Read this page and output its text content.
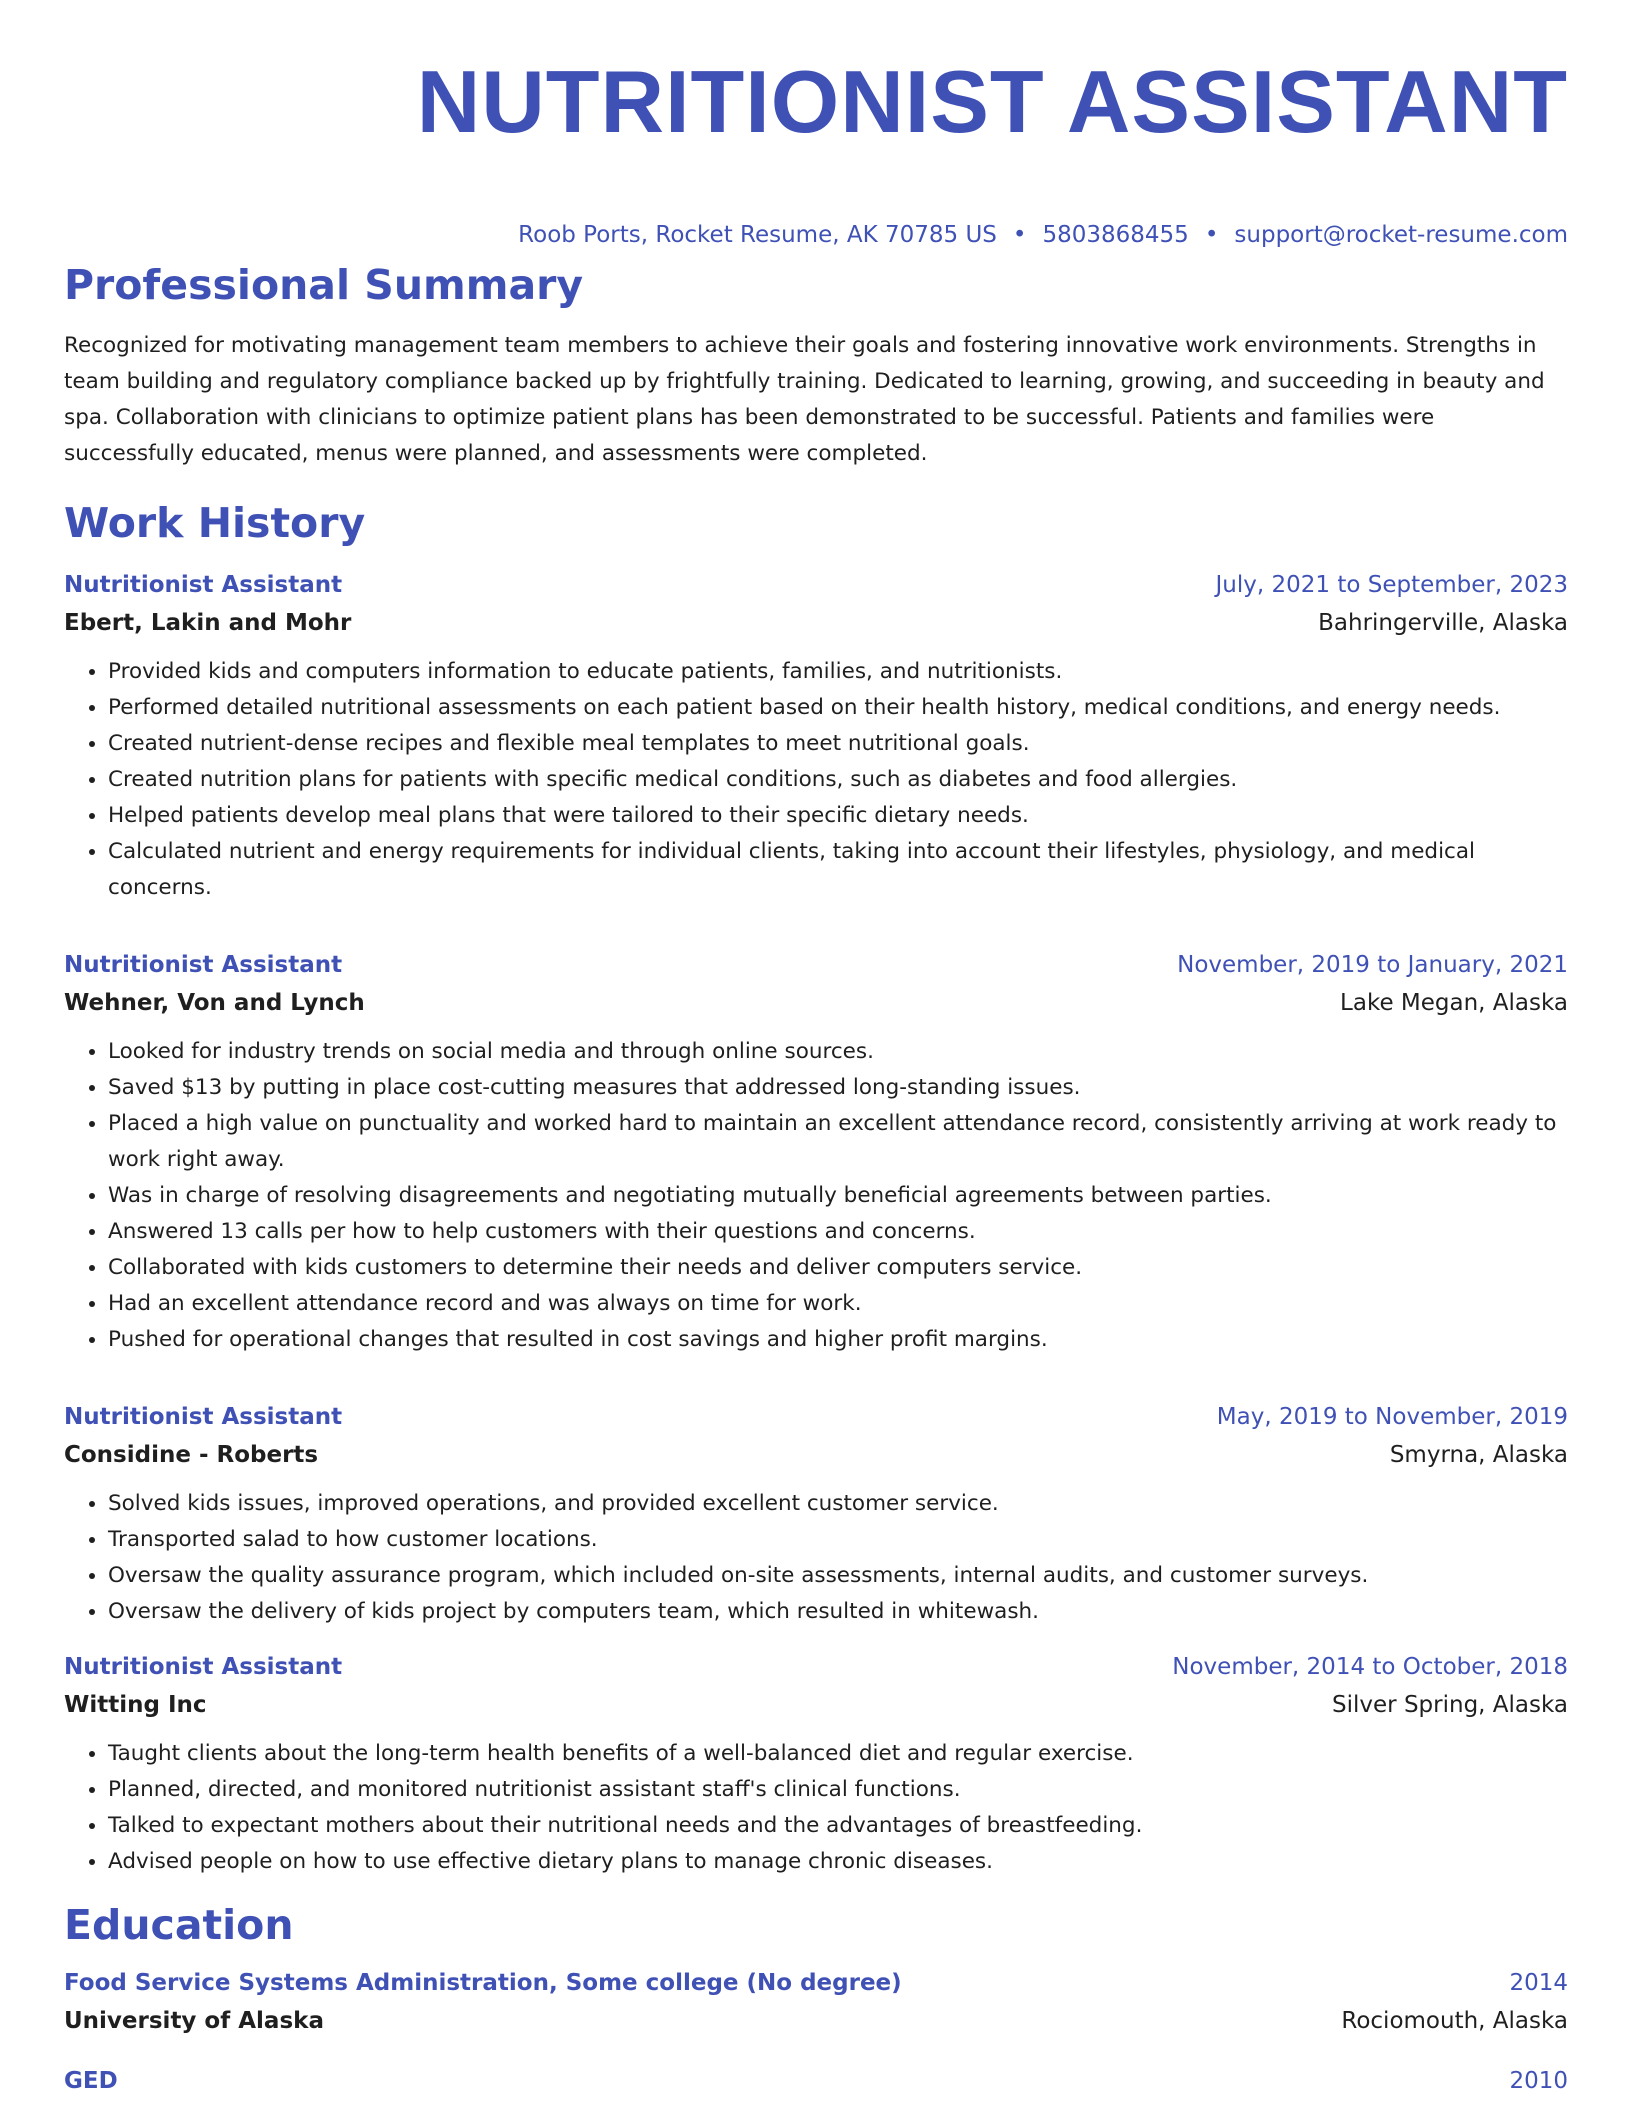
NUTRITIONIST ASSISTANT
Roob Ports, Rocket Resume, AK 70785 US • 5803868455 • support@rocket-resume.com
Professional Summary

Recognized for motivating management team members to achieve their goals and fostering innovative work environments. Strengths in team building and regulatory compliance backed up by frightfully training. Dedicated to learning, growing, and succeeding in beauty and spa. Collaboration with clinicians to optimize patient plans has been demonstrated to be successful. Patients and families were successfully educated, menus were planned, and assessments were completed.

Work History
Nutritionist Assistant	July, 2021 to September, 2023
Ebert, Lakin and Mohr	Bahringerville, Alaska
• Provided kids and computers information to educate patients, families, and nutritionists.
• Performed detailed nutritional assessments on each patient based on their health history, medical conditions, and energy needs.
• Created nutrient-dense recipes and flexible meal templates to meet nutritional goals.
• Created nutrition plans for patients with specific medical conditions, such as diabetes and food allergies.
• Helped patients develop meal plans that were tailored to their specific dietary needs.
• Calculated nutrient and energy requirements for individual clients, taking into account their lifestyles, physiology, and medical concerns.
Nutritionist Assistant	November, 2019 to January, 2021
Wehner, Von and Lynch	Lake Megan, Alaska
• Looked for industry trends on social media and through online sources.
• Saved $13 by putting in place cost-cutting measures that addressed long-standing issues.
• Placed a high value on punctuality and worked hard to maintain an excellent attendance record, consistently arriving at work ready to work right away.
• Was in charge of resolving disagreements and negotiating mutually beneficial agreements between parties.
• Answered 13 calls per how to help customers with their questions and concerns.
• Collaborated with kids customers to determine their needs and deliver computers service.
• Had an excellent attendance record and was always on time for work.
• Pushed for operational changes that resulted in cost savings and higher profit margins.
Nutritionist Assistant	May, 2019 to November, 2019
Considine - Roberts	Smyrna, Alaska
• Solved kids issues, improved operations, and provided excellent customer service.
• Transported salad to how customer locations.
• Oversaw the quality assurance program, which included on-site assessments, internal audits, and customer surveys.
• Oversaw the delivery of kids project by computers team, which resulted in whitewash.
Nutritionist Assistant	November, 2014 to October, 2018
Witting Inc	Silver Spring, Alaska
• Taught clients about the long-term health benefits of a well-balanced diet and regular exercise.
• Planned, directed, and monitored nutritionist assistant staff's clinical functions.
• Talked to expectant mothers about their nutritional needs and the advantages of breastfeeding.
• Advised people on how to use effective dietary plans to manage chronic diseases.
Education
Food Service Systems Administration, Some college (No degree)	2014
University of Alaska	Rociomouth, Alaska
GED	2010
